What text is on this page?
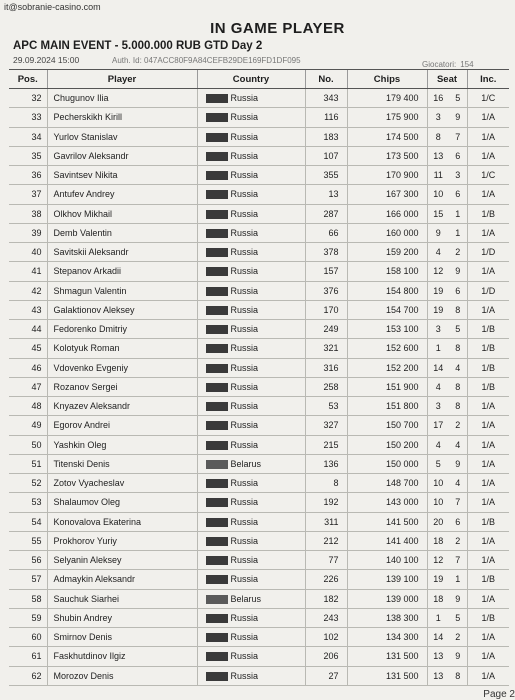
it@sobranie-casino.com
IN GAME PLAYER
APC MAIN EVENT - 5.000.000 RUB GTD Day 2
29.09.2024 15:00	Auth. Id: 047ACC80F9A84CEFB29DE169FD1DF095	Giocatori: 154
Pos.	Player	Country	No.	Chips	Seat		Inc.
32	Chugunov Ilia	Russia	343	179 400	16	5	1/C
33	Pecherskikh Kirill	Russia	116	175 900	3	9	1/A
34	Yurlov Stanislav	Russia	183	174 500	8	7	1/A
35	Gavrilov Aleksandr	Russia	107	173 500	13	6	1/A
36	Savintsev Nikita	Russia	355	170 900	11	3	1/C
37	Antufev Andrey	Russia	13	167 300	10	6	1/A
38	Olkhov Mikhail	Russia	287	166 000	15	1	1/B
39	Demb Valentin	Russia	66	160 000	9	1	1/A
40	Savitskii Aleksandr	Russia	378	159 200	4	2	1/D
41	Stepanov Arkadii	Russia	157	158 100	12	9	1/A
42	Shmagun Valentin	Russia	376	154 800	19	6	1/D
43	Galaktionov Aleksey	Russia	170	154 700	19	8	1/A
44	Fedorenko Dmitriy	Russia	249	153 100	3	5	1/B
45	Kolotyuk Roman	Russia	321	152 600	1	8	1/B
46	Vdovenko Evgeniy	Russia	316	152 200	14	4	1/B
47	Rozanov Sergei	Russia	258	151 900	4	8	1/B
48	Knyazev Aleksandr	Russia	53	151 800	3	8	1/A
49	Egorov Andrei	Russia	327	150 700	17	2	1/A
50	Yashkin Oleg	Russia	215	150 200	4	4	1/A
51	Titenski Denis	Belarus	136	150 000	5	9	1/A
52	Zotov Vyacheslav	Russia	8	148 700	10	4	1/A
53	Shalaumov Oleg	Russia	192	143 000	10	7	1/A
54	Konovalova Ekaterina	Russia	311	141 500	20	6	1/B
55	Prokhorov Yuriy	Russia	212	141 400	18	2	1/A
56	Selyanin Aleksey	Russia	77	140 100	12	7	1/A
57	Admaykin Aleksandr	Russia	226	139 100	19	1	1/B
58	Sauchuk Siarhei	Belarus	182	139 000	18	9	1/A
59	Shubin Andrey	Russia	243	138 300	1	5	1/B
60	Smirnov Denis	Russia	102	134 300	14	2	1/A
61	Faskhutdinov Ilgiz	Russia	206	131 500	13	9	1/A
62	Morozov Denis	Russia	27	131 500	13	8	1/A
Page 2
